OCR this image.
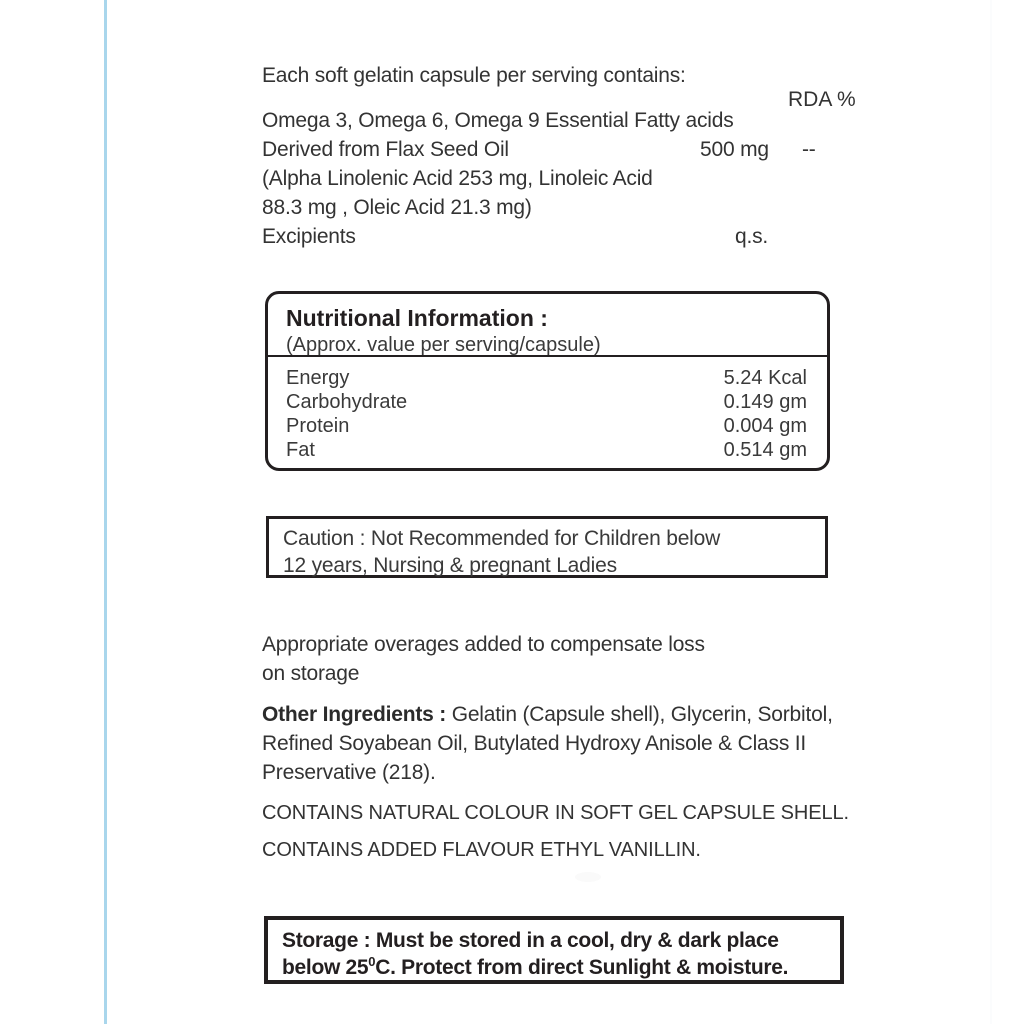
Each soft gelatin capsule per serving contains:
RDA %
Omega 3, Omega 6, Omega 9 Essential Fatty acids
Derived from Flax Seed Oil	500 mg --
(Alpha Linolenic Acid 253 mg, Linoleic Acid
88.3 mg , Oleic Acid 21.3 mg)
Excipients	q.s.
Nutritional Information :
(Approx. value per serving/capsule)
Energy	5.24 Kcal
Carbohydrate	0.149 gm
Protein	0.004 gm
Fat	0.514 gm
Caution : Not Recommended for Children below
12 years, Nursing & pregnant Ladies
Appropriate overages added to compensate loss
on storage
Other Ingredients : Gelatin (Capsule shell), Glycerin, Sorbitol,
Refined Soyabean Oil, Butylated Hydroxy Anisole & Class II
Preservative (218).
CONTAINS NATURAL COLOUR IN SOFT GEL CAPSULE SHELL.
CONTAINS ADDED FLAVOUR ETHYL VANILLIN.
Storage : Must be stored in a cool, dry & dark place
below $25^0C$. Protect from direct Sunlight & moisture.
